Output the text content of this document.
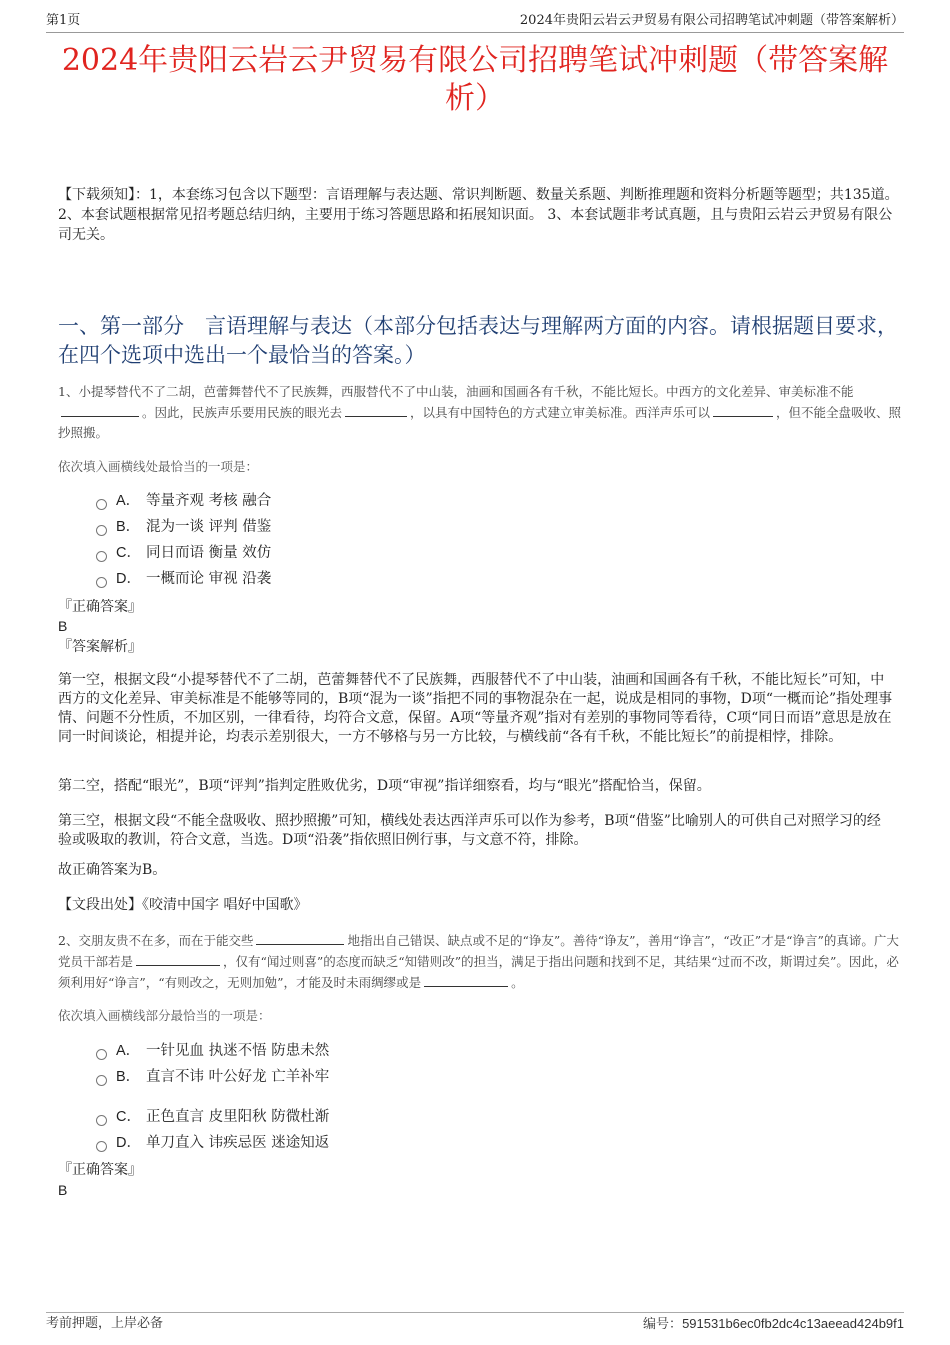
第1页	2024年贵阳云岩云尹贸易有限公司招聘笔试冲刺题（带答案解析）
2024年贵阳云岩云尹贸易有限公司招聘笔试冲刺题（带答案解析）
【下载须知】：1，本套练习包含以下题型：言语理解与表达题、常识判断题、数量关系题、判断推理题和资料分析题等题型；共135道。 2、本套试题根据常见招考题总结归纳，主要用于练习答题思路和拓展知识面。 3、本套试题非考试真题，且与贵阳云岩云尹贸易有限公司无关。
一、第一部分　言语理解与表达（本部分包括表达与理解两方面的内容。请根据题目要求，在四个选项中选出一个最恰当的答案。）
1、小提琴替代不了二胡，芭蕾舞替代不了民族舞，西服替代不了中山装，油画和国画各有千秋，不能比短长。中西方的文化差异、审美标准不能。因此，民族声乐要用民族的眼光去	，以具有中国特色的方式建立审美标准。西洋声乐可以	，但不能全盘吸收、照抄照搬。
依次填入画横线处最恰当的一项是：
A． 等量齐观 考核 融合
B． 混为一谈 评判 借鉴
C． 同日而语 衡量 效仿
D． 一概而论 审视 沿袭
『正确答案』
B
『答案解析』
第一空，根据文段“小提琴替代不了二胡，芭蕾舞替代不了民族舞，西服替代不了中山装，油画和国画各有千秋，不能比短长”可知，中西方的文化差异、审美标准是不能够等同的，B项“混为一谈”指把不同的事物混杂在一起，说成是相同的事物，D项“一概而论”指处理事情、问题不分性质，不加区别，一律看待，均符合文意，保留。A项“等量齐观”指对有差别的事物同等看待，C项“同日而语”意思是放在同一时间谈论，相提并论，均表示差别很大，一方不够格与另一方比较，与横线前“各有千秋，不能比短长”的前提相悖，排除。
第二空，搭配“眼光”，B项“评判”指判定胜败优劣，D项“审视”指详细察看，均与“眼光”搭配恰当，保留。
第三空，根据文段“不能全盘吸收、照抄照搬”可知，横线处表达西洋声乐可以作为参考，B项“借鉴”比喻别人的可供自己对照学习的经验或吸取的教训，符合文意，当选。D项“沿袭”指依照旧例行事，与文意不符，排除。
故正确答案为B。
【文段出处】《咬清中国字 唱好中国歌》
2、交朋友贵不在多，而在于能交些	地指出自己错误、缺点或不足的“诤友”。善待“诤友”，善用“诤言”，“改正”才是“诤言”的真谛。广大党员干部若是	，仅有“闻过则喜”的态度而缺乏“知错则改”的担当，满足于指出问题和找到不足，其结果“过而不改，斯谓过矣”。因此，必须利用好“诤言”，“有则改之，无则加勉”，才能及时未雨绸缪或是	。
依次填入画横线部分最恰当的一项是：
A． 一针见血 执迷不悟 防患未然
B． 直言不讳 叶公好龙 亡羊补牢
C． 正色直言 皮里阳秋 防微杜渐
D． 单刀直入 讳疾忌医 迷途知返
『正确答案』
B
考前押题，上岸必备	编号：591531b6ec0fb2dc4c13aeead424b9f1
